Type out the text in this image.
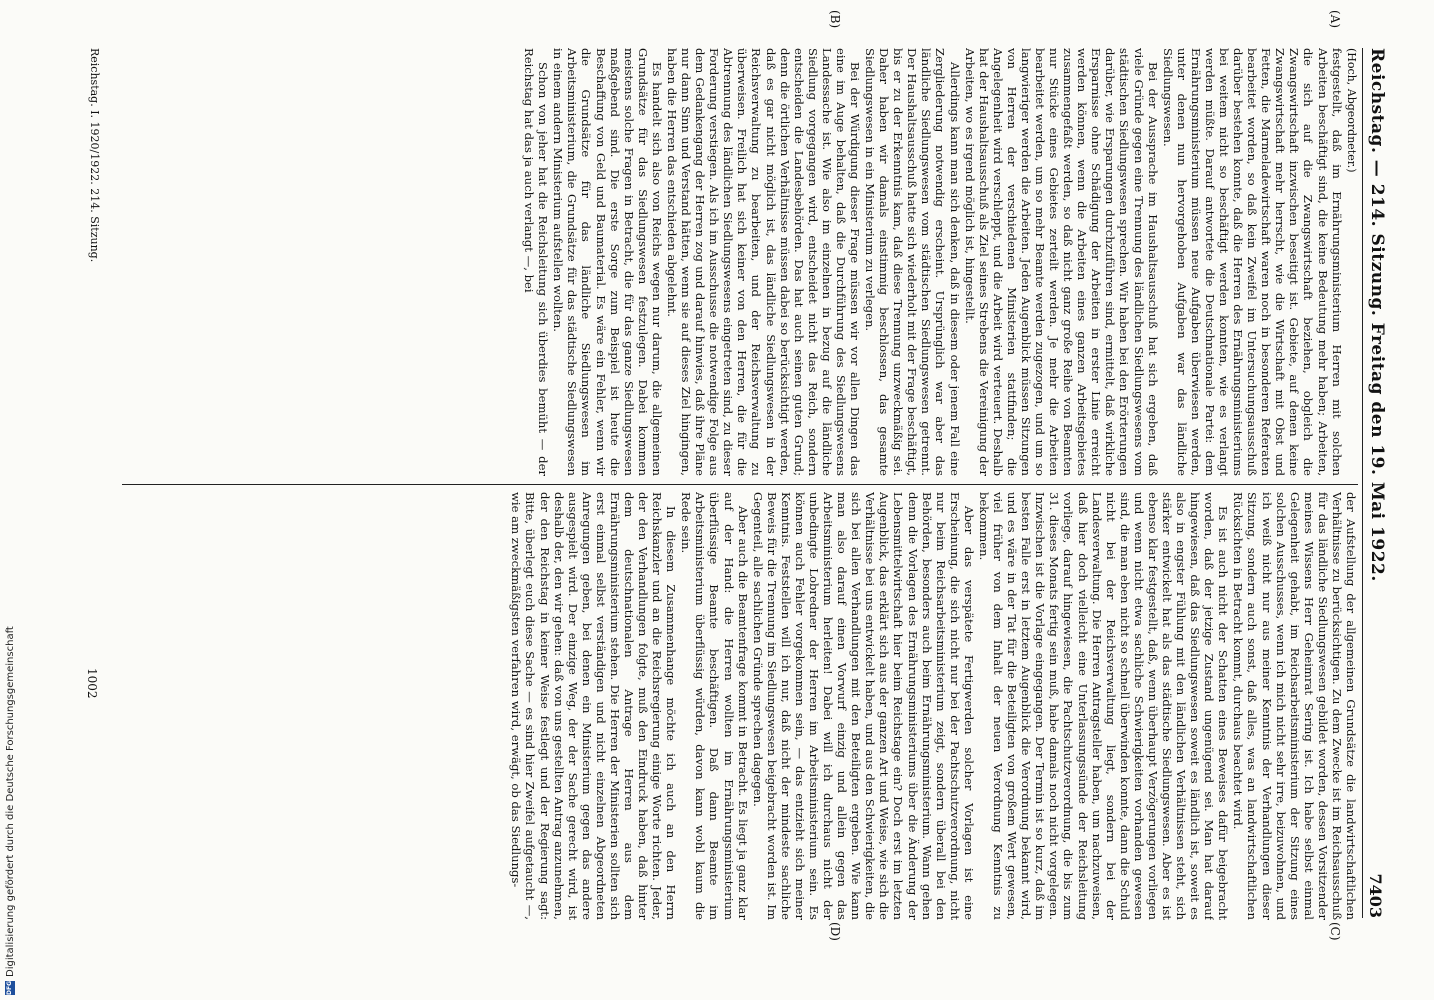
Reichstag. — 214. Sitzung. Freitag den 19. Mai 1922.
7403
(A)
(B)
(C)
(D)

(Hoch, Abgeordneter.)

festgestellt, daß im Ernährungsministerium Herren mit solchen Arbeiten beschäftigt sind, die keine Bedeutung mehr haben; Arbeiten, die sich auf die Zwangswirtschaft beziehen, obgleich die Zwangswirtschaft inzwischen beseitigt ist. Gebiete, auf denen keine Zwangswirtschaft mehr herrscht, wie die Wirtschaft mit Obst und Fetten, die Marmeladewirtschaft waren noch in besonderen Referaten bearbeitet worden, so daß kein Zweifel im Untersuchungsausschuß darüber bestehen konnte, daß die Herren des Ernährungsministeriums bei weitem nicht so beschäftigt werden konnten, wie es verlangt werden müßte. Darauf antwortete die Deutschnationale Partei: dem Ernährungsministerium müssen neue Aufgaben überwiesen werden, unter denen nun hervorgehoben Aufgaben war das ländliche Siedlungswesen.

Bei der Aussprache im Haushaltsausschuß hat sich ergeben, daß viele Gründe gegen eine Trennung des ländlichen Siedlungswesens vom städtischen Siedlungswesen sprechen. Wir haben bei den Erörterungen darüber, wie Ersparungen durchzuführen sind, ermittelt, daß wirkliche Ersparnisse ohne Schädigung der Arbeiten in erster Linie erreicht werden können, wenn die Arbeiten eines ganzen Arbeitsgebietes zusammengefaßt werden, so daß nicht ganz große Reihe von Beamten nur Stücke eines Gebietes zerteilt werden. Je mehr die Arbeiten bearbeitet werden, um so mehr Beamte werden zugezogen, und um so langwieriger werden die Arbeiten. Jeden Augenblick müssen Sitzungen von Herren der verschiedenen Ministerien stattfinden; die Angelegenheit wird verschleppt, und die Arbeit wird verteuert. Deshalb hat der Haushaltsausschuß als Ziel seines Strebens die Vereinigung der Arbeiten, wo es irgend möglich ist, hingestellt.

Allerdings kann man sich denken, daß in diesem oder jenem Fall eine Zergliederung notwendig erscheint. Ursprünglich war aber das ländliche Siedlungswesen vom städtischen Siedlungswesen getrennt. Der Haushaltsausschuß hatte sich wiederholt mit der Frage beschäftigt, bis er zu der Erkenntnis kam, daß diese Trennung unzweckmäßig sei. Daher haben wir damals einstimmig beschlossen, das gesamte Siedlungswesen in ein Ministerium zu verlegen.

Bei der Würdigung dieser Frage müssen wir vor allen Dingen das eine im Auge behalten, daß die Durchführung des Siedlungswesens Landessache ist. Wie also im einzelnen in bezug auf die ländliche Siedlung vorgegangen wird, entscheidet nicht das Reich, sondern entscheiden die Landesbehörden. Das hat auch seinen guten Grund; denn die örtlichen Verhältnisse müssen dabei so berücksichtigt werden, daß es gar nicht möglich ist, das ländliche Siedlungswesen in der Reichsverwaltung zu bearbeiten, und der Reichsverwaltung zu überweisen. Freilich hat sich keiner von den Herren, die für die Abtrennung des ländlichen Siedlungswesens eingetreten sind, zu dieser Forderung verstiegen. Als ich im Ausschusse die notwendige Folge aus dem Gedankengang der Herren zog und darauf hinwies, daß ihre Pläne nur dann Sinn und Verstand hätten, wenn sie auf dieses Ziel hingingen, haben die Herren das entschieden abgelehnt.

Es handelt sich also von Reichs wegen nur darum, die allgemeinen Grundsätze für das Siedlungswesen festzulegen. Dabei kommen meistens solche Fragen in Betracht, die für das ganze Siedlungswesen maßgebend sind. Die erste Sorge zum Beispiel ist heute die Beschaffung von Geld und Baumaterial. Es wäre ein Fehler, wenn wir die Grundsätze für das ländliche Siedlungswesen im Arbeitsministerium, die Grundsätze für das städtische Siedlungswesen in einem andern Ministerium aufstellen wollten.

Schon von jeher hat die Reichsleitung sich überdies bemüht — der Reichstag hat das ja auch verlangt —, bei

der Aufstellung der allgemeinen Grundsätze die landwirtschaftlichen Verhältnisse zu berücksichtigen. Zu dem Zwecke ist im Reichsausschuß für das ländliche Siedlungswesen gebildet worden, dessen Vorsitzender meines Wissens Herr Geheimrat Sering ist. Ich habe selbst einmal Gelegenheit gehabt, im Reichsarbeitsministerium der Sitzung eines solchen Ausschusses, wenn ich mich nicht sehr irre, beizuwohnen, und ich weiß nicht nur aus meiner Kenntnis der Verhandlungen dieser Sitzung, sondern auch sonst, daß alles, was an landwirtschaftlichen Rücksichten in Betracht kommt, durchaus beachtet wird.

Es ist auch nicht der Schatten eines Beweises dafür beigebracht worden, daß der jetzige Zustand ungenügend sei. Man hat darauf hingewiesen, daß das Siedlungswesen soweit es ländlich ist, soweit es also in engster Fühlung mit den ländlichen Verhältnissen steht, sich stärker entwickelt hat als das städtische Siedlungswesen. Aber es ist ebenso klar festgestellt, daß, wenn überhaupt Verzögerungen vorliegen und wenn nicht etwa sachliche Schwierigkeiten vorhanden gewesen sind, die man eben nicht so schnell überwinden konnte, dann die Schuld nicht bei der Reichsverwaltung liegt, sondern bei der Landesverwaltung. Die Herren Antragsteller haben, um nachzuweisen, daß hier doch vielleicht eine Unterlassungssünde der Reichsleitung vorliege, darauf hingewiesen, die Pachtschutzverordnung, die bis zum 31. dieses Monats fertig sein muß, habe damals noch nicht vorgelegen. Inzwischen ist die Vorlage eingegangen. Der Termin ist so kurz, daß im besten Falle erst in letztem Augenblick die Verordnung bekannt wird, und es wäre in der Tat für die Beteiligten von großem Wert gewesen, viel früher von dem Inhalt der neuen Verordnung Kenntnis zu bekommen.

Aber das verspätete Fertigwerden solcher Vorlagen ist eine Erscheinung, die sich nicht nur bei der Pachtschutzverordnung, nicht nur beim Reichsarbeitsministerium zeigt, sondern überall bei den Behörden, besonders auch beim Ernährungsministerium. Wann gehen denn die Vorlagen des Ernährungsministeriums über die Änderung der Lebensmittelwirtschaft hier beim Reichstage ein? Doch erst im letzten Augenblick, das erklärt sich aus der ganzen Art und Weise, wie sich die Verhältnisse bei uns entwickelt haben, und aus den Schwierigkeiten, die sich bei allen Verhandlungen mit den Beteiligten ergeben. Wie kann man also darauf einen Vorwurf einzig und allein gegen das Arbeitsministerium herleiten! Dabei will ich durchaus nicht der unbedingte Lobredner der Herren im Arbeitsministerium sein. Es können auch Fehler vorgekommen sein, — das entzieht sich meiner Kenntnis. Feststellen will ich nur, daß nicht der mindeste sachliche Beweis für die Trennung im Siedlungswesen beigebracht worden ist. Im Gegenteil, alle sachlichen Gründe sprechen dagegen.

Aber auch die Beamtenfrage kommt in Betracht. Es liegt ja ganz klar auf der Hand: die Herren wollten im Ernährungsministerium überflüssige Beamte beschäftigen. Daß dann Beamte im Arbeitsministerium überflüssig würden, davon kann wohl kaum die Rede sein.

In diesem Zusammenhange möchte ich auch an den Herrn Reichskanzler und an die Reichsregierung einige Worte richten. Jeder, der den Verhandlungen folgte, muß den Eindruck haben, daß hinter dem deutschnationalen Antrage Herren aus dem Ernährungsministerium stehen. Die Herren der Ministerien sollten sich erst einmal selbst verständigen und nicht einzelnen Abgeordneten Anregungen geben, bei denen ein Ministerium gegen das andere ausgespielt wird. Der einzige Weg, der der Sache gerecht wird, ist deshalb der, den wir gehen: daß von uns gestellten Antrag anzunehmen, der den Reichstag in keiner Weise festlegt und der Regierung sagt: Bitte, überlegt euch diese Sache — es sind hier Zweifel aufgetaucht —, wie am zweckmäßigsten verfahren wird, erwägt, ob das Siedlungs-

Reichstag. I. 1920/1922. 214. Sitzung.
1002
DFG
Digitalisierung gefördert durch die Deutsche Forschungsgemeinschaft
